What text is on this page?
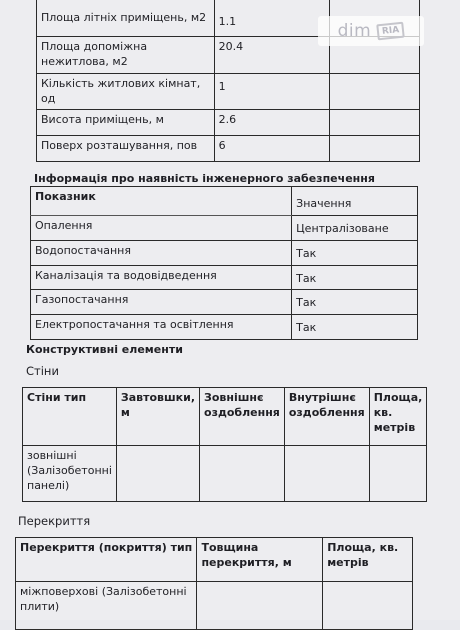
Площа літніх приміщень, м2	1.1	
Площа допоміжна нежитлова, м2	20.4	
Кількість житлових кімнат, од	1	
Висота приміщень, м	2.6	
Поверх розташування, пов	6	
Інформація про наявність інженерного забезпечення
Показник	Значення
Опалення	Централізоване
Водопостачання	Так
Каналізація та водовідведення	Так
Газопостачання	Так
Електропостачання та освітлення	Так
Конструктивні елементи
Стіни
Стіни тип	Завтовшки, м	Зовнішнє оздоблення	Внутрішнє оздоблення	Площа, кв. метрів
зовнішні (Залізобетонні панелі)				
Перекриття
Перекриття (покриття) тип	Товщина перекриття, м	Площа, кв. метрів
міжповерхові (Залізобетонні плити)		
dim	RIA
